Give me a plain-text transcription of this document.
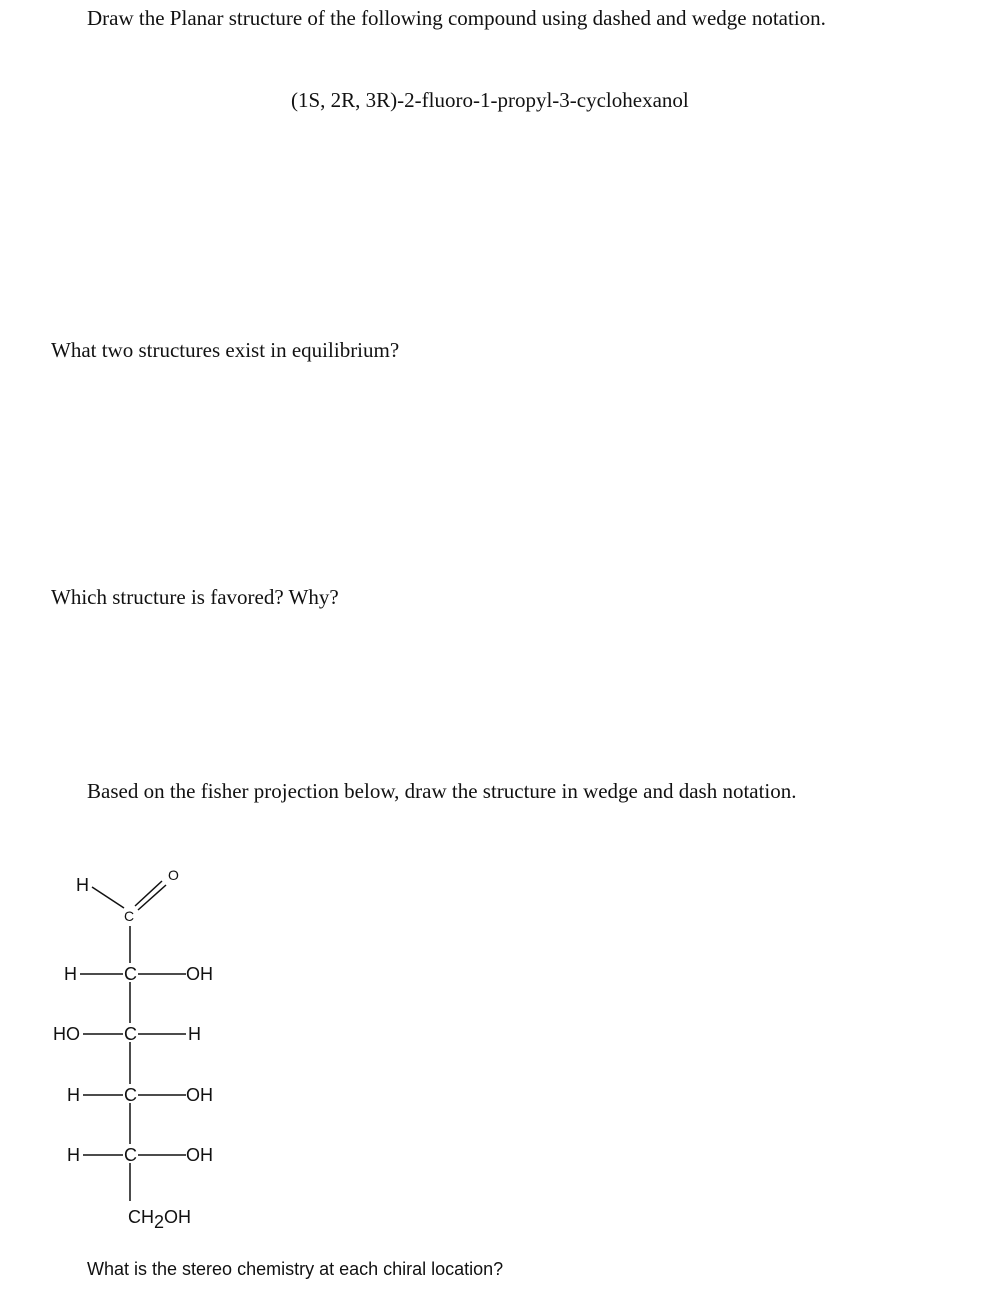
Draw the Planar structure of the following compound using dashed and wedge notation.
(1S, 2R, 3R)-2-fluoro-1-propyl-3-cyclohexanol
What two structures exist in equilibrium?
Which structure is favored? Why?
Based on the fisher projection below, draw the structure in wedge and dash notation.
H
C
O
H	C	OH
HO C	H
H C	OH
H C	OH
CH2OH
What is the stereo chemistry at each chiral location?
